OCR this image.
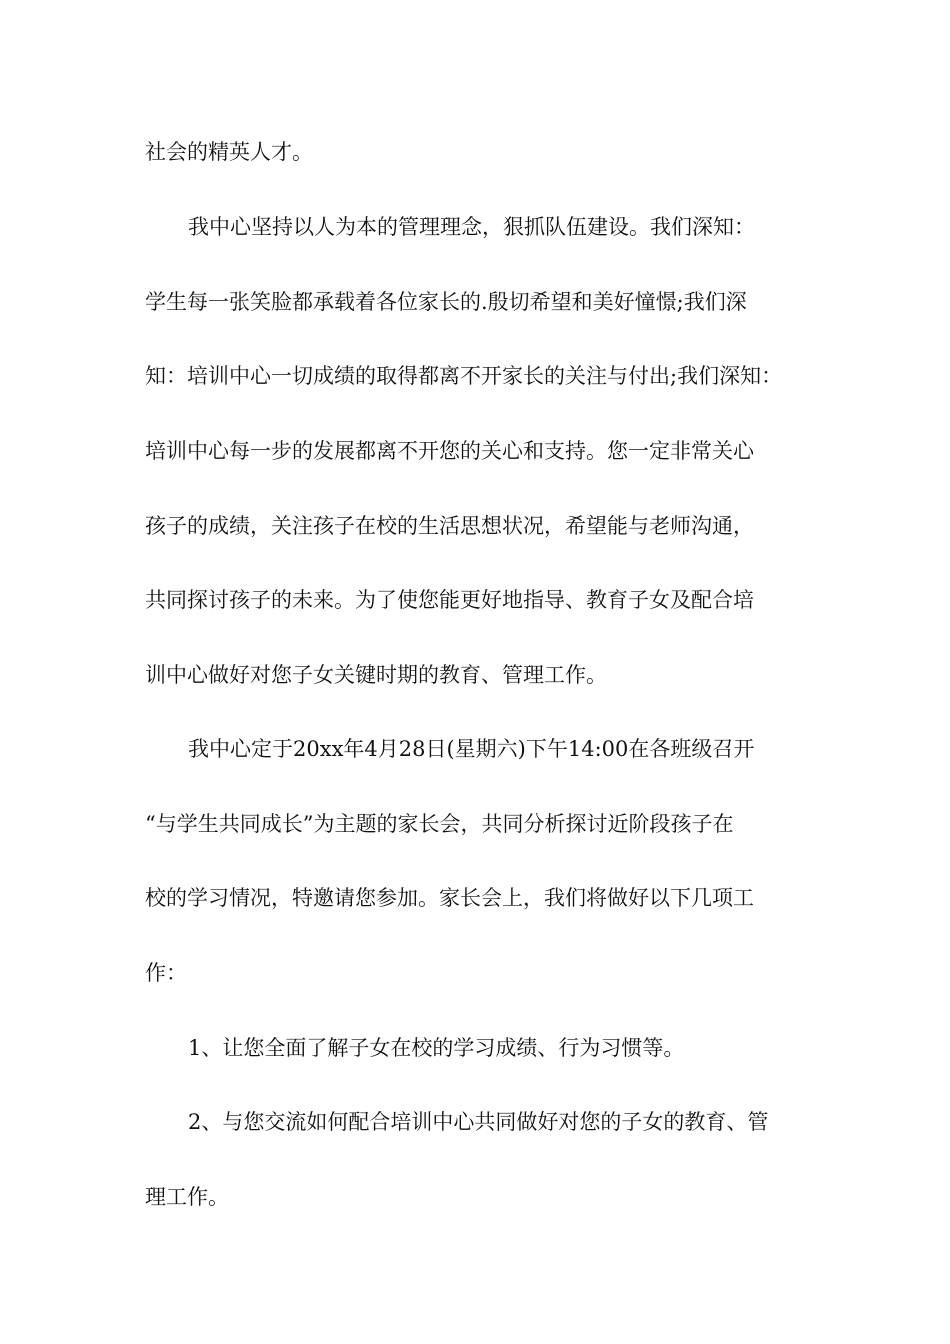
社会的精英人才。
我中心坚持以人为本的管理理念，狠抓队伍建设。我们深知：
学生每一张笑脸都承载着各位家长的.殷切希望和美好憧憬;我们深
知：培训中心一切成绩的取得都离不开家长的关注与付出;我们深知：
培训中心每一步的发展都离不开您的关心和支持。您一定非常关心
孩子的成绩，关注孩子在校的生活思想状况，希望能与老师沟通，
共同探讨孩子的未来。为了使您能更好地指导、教育子女及配合培
训中心做好对您子女关键时期的教育、管理工作。
我中心定于20xx年4月28日(星期六)下午14:00在各班级召开
“与学生共同成长”为主题的家长会，共同分析探讨近阶段孩子在
校的学习情况，特邀请您参加。家长会上，我们将做好以下几项工
作：
1、让您全面了解子女在校的学习成绩、行为习惯等。
2、与您交流如何配合培训中心共同做好对您的子女的教育、管
理工作。
